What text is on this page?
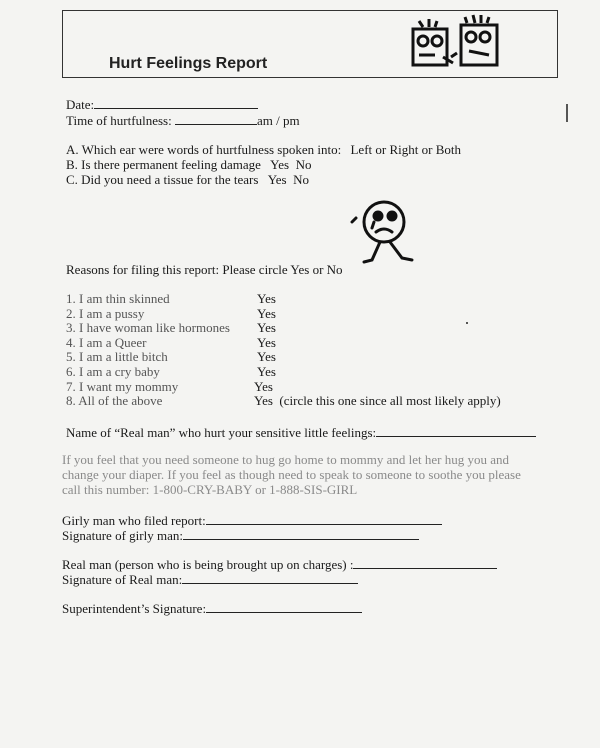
Hurt Feelings Report
Date:
Time of hurtfulness:	am / pm
A. Which ear were words of hurtfulness spoken into: Left or Right or Both
B. Is there permanent feeling damage Yes  No
C. Did you need a tissue for the tears Yes  No
Reasons for filing this report: Please circle Yes or No
1. I am thin skinned	Yes
2. I am a pussy	Yes
3. I have woman like hormones Yes
4. I am a Queer	Yes
5. I am a little bitch	Yes
6. I am a cry baby	Yes
7. I want my mommy	Yes
8. All of the above	Yes  (circle this one since all most likely apply)
Name of “Real man” who hurt your sensitive little feelings:
If you feel that you need someone to hug go home to mommy and let her hug you and
change your diaper. If you feel as though need to speak to someone to soothe you please
call this number: 1-800-CRY-BABY or 1-888-SIS-GIRL
Girly man who filed report:
Signature of girly man:
Real man (person who is being brought up on charges) :
Signature of Real man:
Superintendent’s Signature:
